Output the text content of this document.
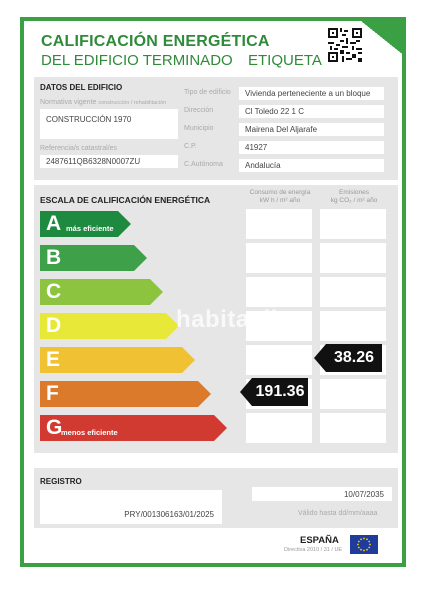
CALIFICACIÓN ENERGÉTICA
DEL EDIFICIO TERMINADO ETIQUETA
DATOS DEL EDIFICIO
Normativa vigente construcción / rehabilitación
CONSTRUCCIÓN 1970
Referencia/s catastral/es
2487611QB6328N0007ZU
Tipo de edificio	Vivienda perteneciente a un bloque
Dirección	Cl Toledo 22 1 C
Municipio	Mairena Del Aljarafe
C.P.	41927
C.Autónoma	Andalucía
ESCALA DE CALIFICACIÓN ENERGÉTICA
Consumo de energía
kW h / m² año
Emisiones
kg CO₂ / m² año
A más eficiente
B
C
D
E
F
G
menos eficiente
191.36
38.26
habitaclia
REGISTRO
PRY/001306163/01/2025
10/07/2035
Válido hasta dd/mm/aaaa
ESPAÑA
Directiva 2010 / 31 / UE
